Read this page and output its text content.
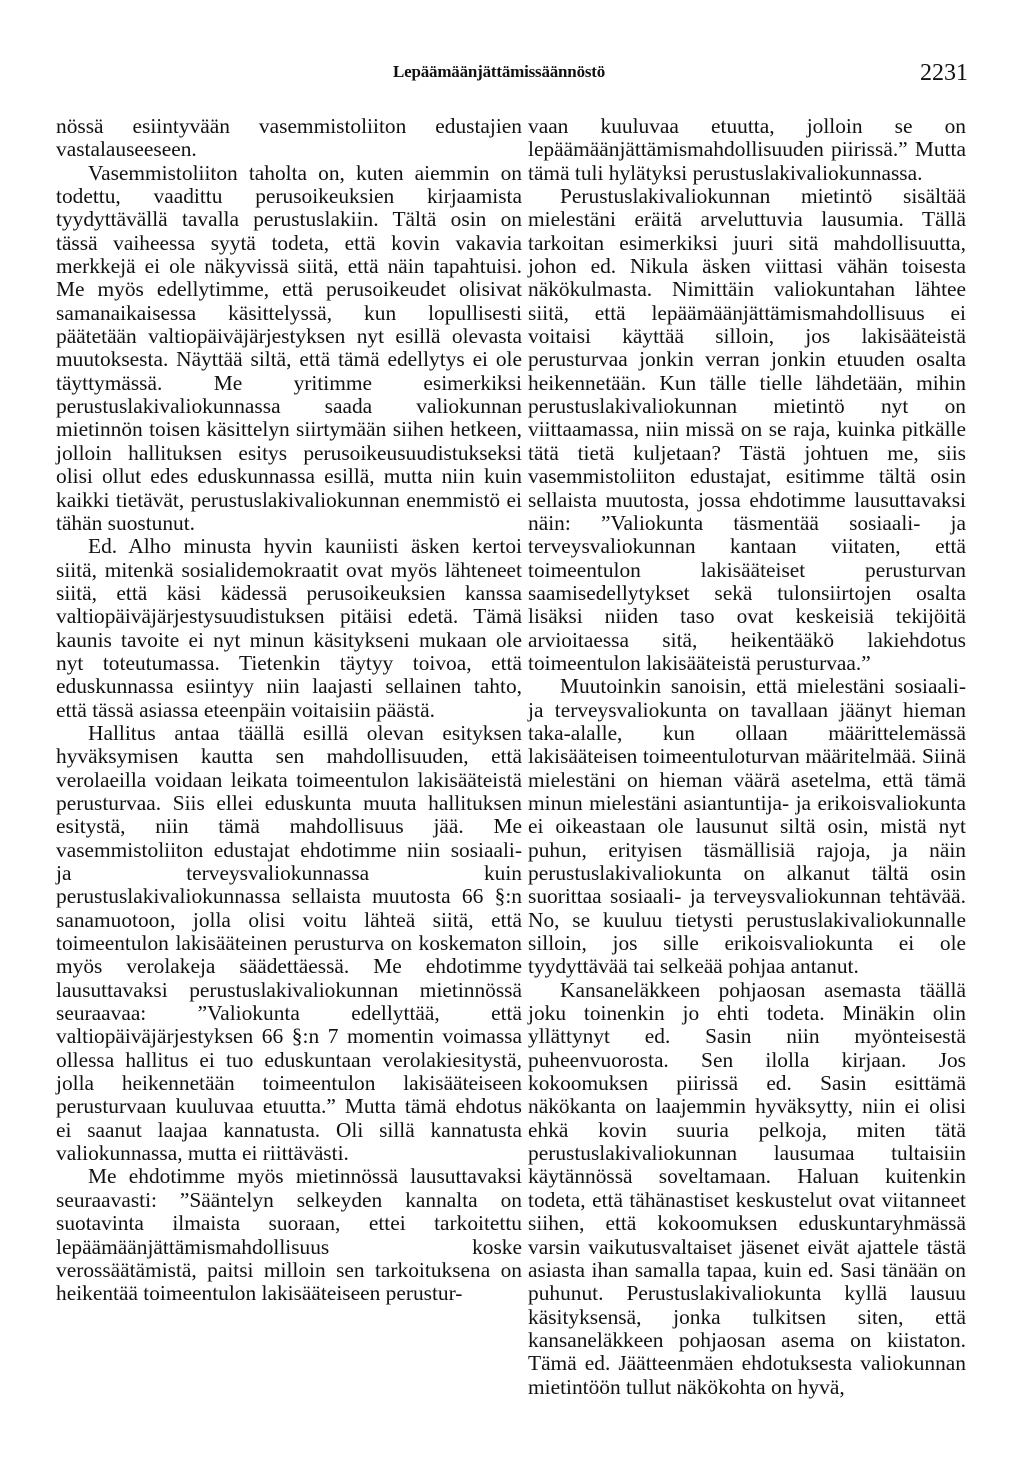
Lepäämäänjättämissäännöstö	2231

nössä esiintyvään vasemmistoliiton edustajien vastalauseeseen.

Vasemmistoliiton taholta on, kuten aiemmin on todettu, vaadittu perusoikeuksien kirjaamista tyydyttävällä tavalla perustuslakiin. Tältä osin on tässä vaiheessa syytä todeta, että kovin vakavia merkkejä ei ole näkyvissä siitä, että näin tapahtuisi. Me myös edellytimme, että perusoikeudet olisivat samanaikaisessa käsittelyssä, kun lopullisesti päätetään valtiopäiväjärjestyksen nyt esillä olevasta muutoksesta. Näyttää siltä, että tämä edellytys ei ole täyttymässä. Me yritimme esimerkiksi perustuslakivaliokunnassa saada valiokunnan mietinnön toisen käsittelyn siirtymään siihen hetkeen, jolloin hallituksen esitys perusoikeusuudistukseksi olisi ollut edes eduskunnassa esillä, mutta niin kuin kaikki tietävät, perustuslakivaliokunnan enemmistö ei tähän suostunut.

Ed. Alho minusta hyvin kauniisti äsken kertoi siitä, mitenkä sosialidemokraatit ovat myös lähteneet siitä, että käsi kädessä perusoikeuksien kanssa valtiopäiväjärjestysuudistuksen pitäisi edetä. Tämä kaunis tavoite ei nyt minun käsitykseni mukaan ole nyt toteutumassa. Tietenkin täytyy toivoa, että eduskunnassa esiintyy niin laajasti sellainen tahto, että tässä asiassa eteenpäin voitaisiin päästä.

Hallitus antaa täällä esillä olevan esityksen hyväksymisen kautta sen mahdollisuuden, että verolaeilla voidaan leikata toimeentulon lakisääteistä perusturvaa. Siis ellei eduskunta muuta hallituksen esitystä, niin tämä mahdollisuus jää. Me vasemmistoliiton edustajat ehdotimme niin sosiaali- ja terveysvaliokunnassa kuin perustuslakivaliokunnassa sellaista muutosta 66 §:n sanamuotoon, jolla olisi voitu lähteä siitä, että toimeentulon lakisääteinen perusturva on koskematon myös verolakeja säädettäessä. Me ehdotimme lausuttavaksi perustuslakivaliokunnan mietinnössä seuraavaa: ”Valiokunta edellyttää, että valtiopäiväjärjestyksen 66 §:n 7 momentin voimassa ollessa hallitus ei tuo eduskuntaan verolakiesitystä, jolla heikennetään toimeentulon lakisääteiseen perusturvaan kuuluvaa etuutta.” Mutta tämä ehdotus ei saanut laajaa kannatusta. Oli sillä kannatusta valiokunnassa, mutta ei riittävästi.

Me ehdotimme myös mietinnössä lausuttavaksi seuraavasti: ”Sääntelyn selkeyden kannalta on suotavinta ilmaista suoraan, ettei tarkoitettu lepäämäänjättämismahdollisuus koske verossäätämistä, paitsi milloin sen tarkoituksena on heikentää toimeentulon lakisääteiseen perustur-

vaan kuuluvaa etuutta, jolloin se on lepäämäänjättämismahdollisuuden piirissä.” Mutta tämä tuli hylätyksi perustuslakivaliokunnassa.

Perustuslakivaliokunnan mietintö sisältää mielestäni eräitä arveluttuvia lausumia. Tällä tarkoitan esimerkiksi juuri sitä mahdollisuutta, johon ed. Nikula äsken viittasi vähän toisesta näkökulmasta. Nimittäin valiokuntahan lähtee siitä, että lepäämäänjättämismahdollisuus ei voitaisi käyttää silloin, jos lakisääteistä perusturvaa jonkin verran jonkin etuuden osalta heikennetään. Kun tälle tielle lähdetään, mihin perustuslakivaliokunnan mietintö nyt on viittaamassa, niin missä on se raja, kuinka pitkälle tätä tietä kuljetaan? Tästä johtuen me, siis vasemmistoliiton edustajat, esitimme tältä osin sellaista muutosta, jossa ehdotimme lausuttavaksi näin: ”Valiokunta täsmentää sosiaali- ja terveysvaliokunnan kantaan viitaten, että toimeentulon lakisääteiset perusturvan saamisedellytykset sekä tulonsiirtojen osalta lisäksi niiden taso ovat keskeisiä tekijöitä arvioitaessa sitä, heikentääkö lakiehdotus toimeentulon lakisääteistä perusturvaa.”

Muutoinkin sanoisin, että mielestäni sosiaali- ja terveysvaliokunta on tavallaan jäänyt hieman taka-alalle, kun ollaan määrittelemässä lakisääteisen toimeentuloturvan määritelmää. Siinä mielestäni on hieman väärä asetelma, että tämä minun mielestäni asiantuntija- ja erikoisvaliokunta ei oikeastaan ole lausunut siltä osin, mistä nyt puhun, erityisen täsmällisiä rajoja, ja näin perustuslakivaliokunta on alkanut tältä osin suorittaa sosiaali- ja terveysvaliokunnan tehtävää. No, se kuuluu tietysti perustuslakivaliokunnalle silloin, jos sille erikoisvaliokunta ei ole tyydyttävää tai selkeää pohjaa antanut.

Kansaneläkkeen pohjaosan asemasta täällä joku toinenkin jo ehti todeta. Minäkin olin yllättynyt ed. Sasin niin myönteisestä puheenvuorosta. Sen ilolla kirjaan. Jos kokoomuksen piirissä ed. Sasin esittämä näkökanta on laajemmin hyväksytty, niin ei olisi ehkä kovin suuria pelkoja, miten tätä perustuslakivaliokunnan lausumaa tultaisiin käytännössä soveltamaan. Haluan kuitenkin todeta, että tähänastiset keskustelut ovat viitanneet siihen, että kokoomuksen eduskuntaryhmässä varsin vaikutusvaltaiset jäsenet eivät ajattele tästä asiasta ihan samalla tapaa, kuin ed. Sasi tänään on puhunut. Perustuslakivaliokunta kyllä lausuu käsityksensä, jonka tulkitsen siten, että kansaneläkkeen pohjaosan asema on kiistaton. Tämä ed. Jäätteenmäen ehdotuksesta valiokunnan mietintöön tullut näkökohta on hyvä,
